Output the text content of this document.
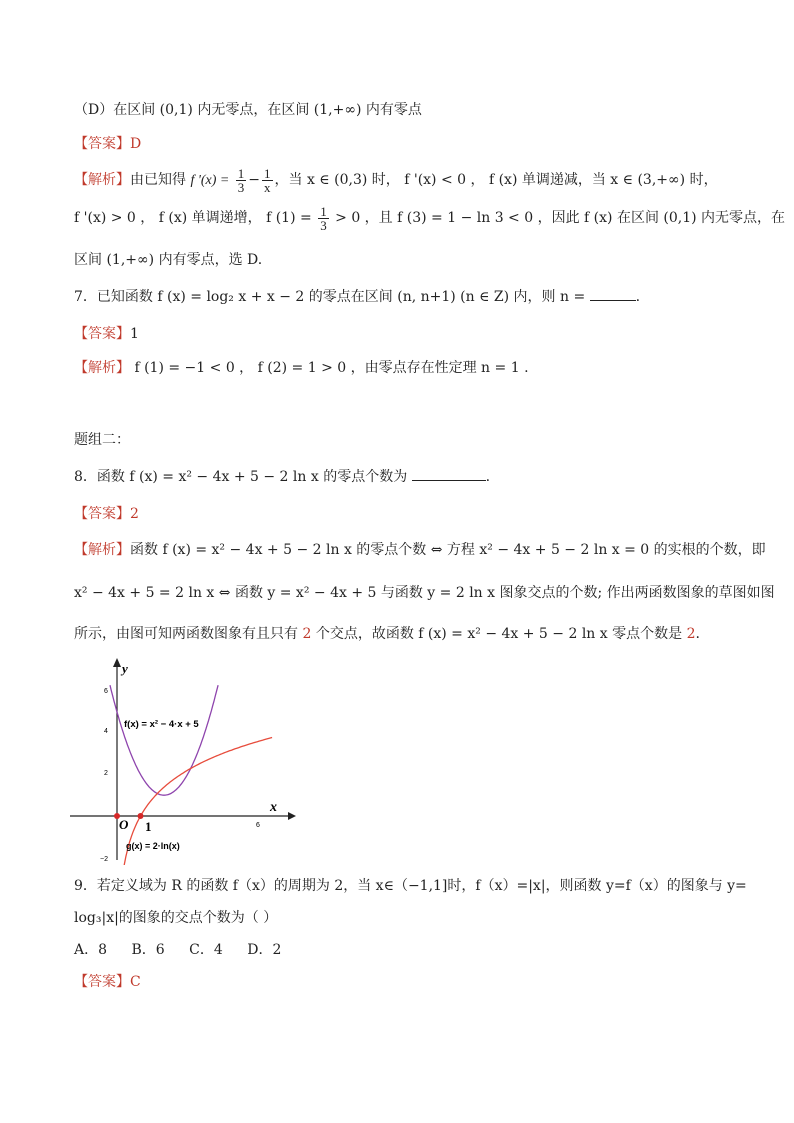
（D）在区间 (0,1) 内无零点，在区间 (1,+∞) 内有零点
【答案】D
【解析】由已知得 f '$(x) = \frac{1}{3} - \frac{1}{x}$ ，当 x ∈ (0,3) 时， f '(x) < 0 ， f (x) 单调递减，当 x ∈ (3,+∞) 时，
f '(x) > 0 ， f (x) 单调递增， f $(1) = \frac{1}{3} > 0$ ，且 f (3) = 1 − ln 3 < 0 ，因此 f (x) 在区间 (0,1) 内无零点，在
区间 (1,+∞) 内有零点，选 D.
7．已知函数 f (x) = log₂ x + x − 2 的零点在区间 (n, n+1) (n ∈ Z) 内，则 n =	.
【答案】1
【解析】 f (1) = −1 < 0 ， f (2) = 1 > 0 ，由零点存在性定理 n = 1 .
题组二：
8．函数 f (x) = x² − 4x + 5 − 2 ln x 的零点个数为	.
【答案】2
【解析】函数 f (x) = x² − 4x + 5 − 2 ln x 的零点个数 ⇔ 方程 x² − 4x + 5 − 2 ln x = 0 的实根的个数，即
x² − 4x + 5 = 2 ln x ⇔ 函数 y = x² − 4x + 5 与函数 y = 2 ln x 图象交点的个数; 作出两函数图象的草图如图
所示，由图可知两函数图象有且只有 2 个交点，故函数 f (x) = x² − 4x + 5 − 2 ln x 零点个数是 2.
y
x
O 1
6
4
2
−2
6
f(x) = x² − 4·x + 5
g(x) = 2·ln(x)
9．若定义域为 R 的函数 f（x）的周期为 2，当 x∈（−1,1]时，f（x）=|x|，则函数 y=f（x）的图象与 y=
log₃|x|的图象的交点个数为（ ）
A．8 B．6 C．4 D．2
【答案】C
